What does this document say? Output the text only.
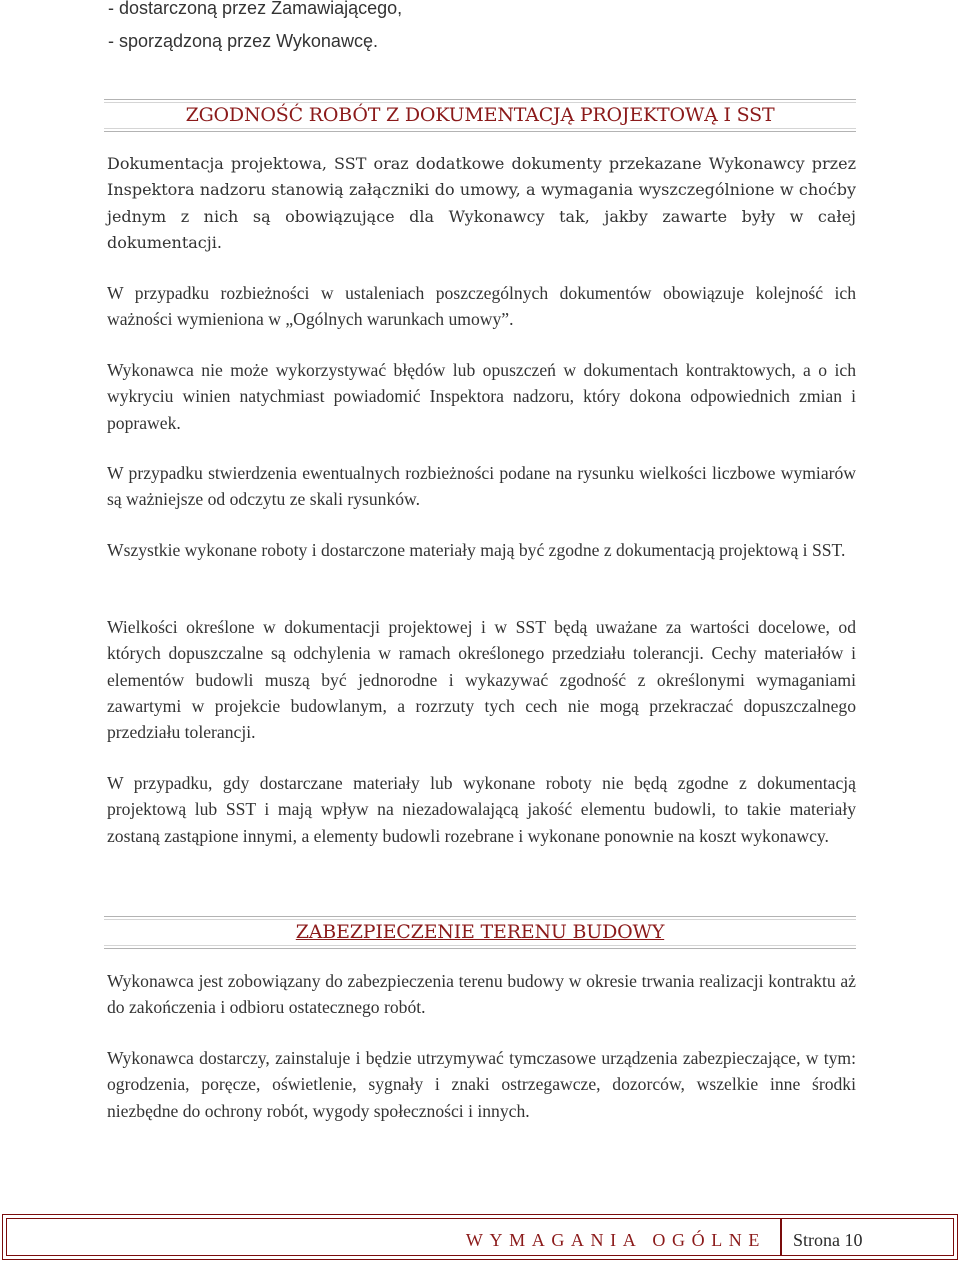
- dostarczoną przez Zamawiającego,
- sporządzoną przez Wykonawcę.
ZGODNOŚĆ ROBÓT Z DOKUMENTACJĄ PROJEKTOWĄ I SST

Dokumentacja projektowa, SST oraz dodatkowe dokumenty przekazane Wykonawcy przez Inspektora nadzoru stanowią załączniki do umowy, a wymagania wyszczególnione w choćby jednym z nich są obowiązujące dla Wykonawcy tak, jakby zawarte były w całej dokumentacji.

W przypadku rozbieżności w ustaleniach poszczególnych dokumentów obowiązuje kolejność ich ważności wymieniona w „Ogólnych warunkach umowy”.

Wykonawca nie może wykorzystywać błędów lub opuszczeń w dokumentach kontraktowych, a o ich wykryciu winien natychmiast powiadomić Inspektora nadzoru, który dokona odpowiednich zmian i poprawek.

W przypadku stwierdzenia ewentualnych rozbieżności podane na rysunku wielkości liczbowe wymiarów są ważniejsze od odczytu ze skali rysunków.

Wszystkie wykonane roboty i dostarczone materiały mają być zgodne z dokumentacją projektową i SST.

Wielkości określone w dokumentacji projektowej i w SST będą uważane za wartości docelowe, od których dopuszczalne są odchylenia w ramach określonego przedziału tolerancji. Cechy materiałów i elementów budowli muszą być jednorodne i wykazywać zgodność z określonymi wymaganiami zawartymi w projekcie budowlanym, a rozrzuty tych cech nie mogą przekraczać dopuszczalnego przedziału tolerancji.

W przypadku, gdy dostarczane materiały lub wykonane roboty nie będą zgodne z dokumentacją projektową lub SST i mają wpływ na niezadowalającą jakość elementu budowli, to takie materiały zostaną zastąpione innymi, a elementy budowli rozebrane i wykonane ponownie na koszt wykonawcy.

ZABEZPIECZENIE TERENU BUDOWY

Wykonawca jest zobowiązany do zabezpieczenia terenu budowy w okresie trwania realizacji kontraktu aż do zakończenia i odbioru ostatecznego robót.

Wykonawca dostarczy, zainstaluje i będzie utrzymywać tymczasowe urządzenia zabezpieczające, w tym: ogrodzenia, poręcze, oświetlenie, sygnały i znaki ostrzegawcze, dozorców, wszelkie inne środki niezbędne do ochrony robót, wygody społeczności i innych.

WYMAGANIA OGÓLNE Strona 10
